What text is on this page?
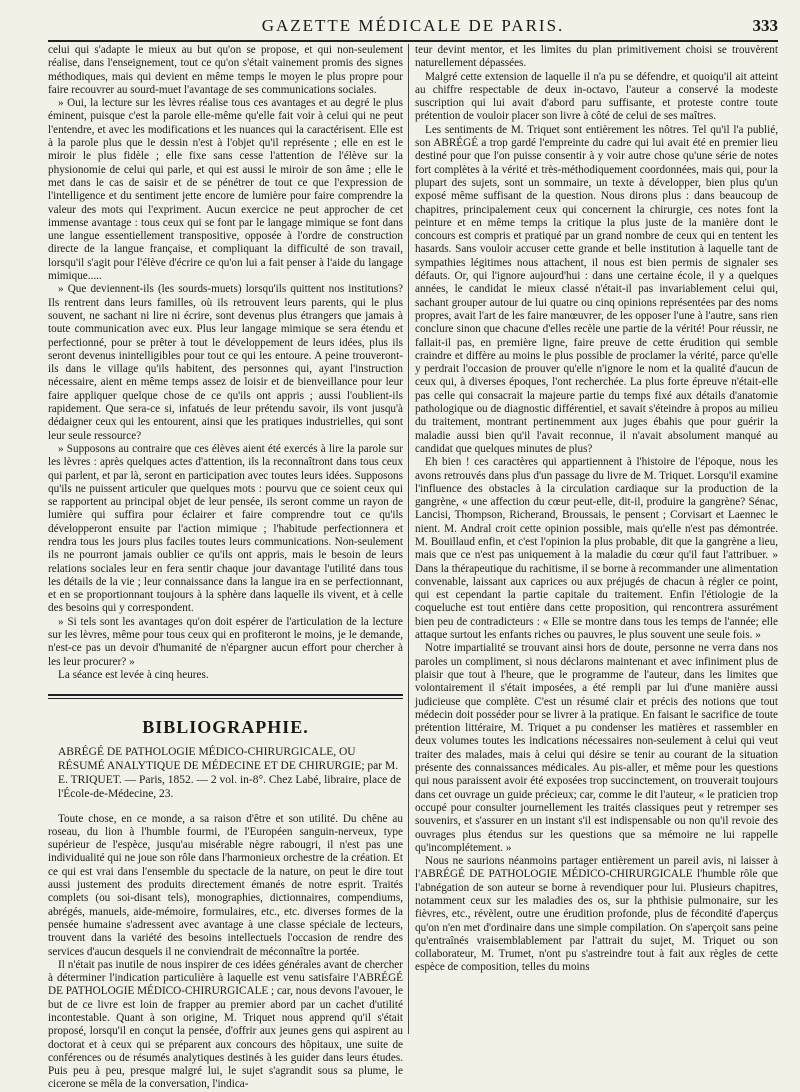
GAZETTE MÉDICALE DE PARIS.	333

celui qui s'adapte le mieux au but qu'on se propose, et qui non-seulement réalise, dans l'enseignement, tout ce qu'on s'était vainement promis des signes méthodiques, mais qui devient en même temps le moyen le plus propre pour faire recouvrer au sourd-muet l'avantage de ses communications sociales.

» Oui, la lecture sur les lèvres réalise tous ces avantages et au degré le plus éminent, puisque c'est la parole elle-même qu'elle fait voir à celui qui ne peut l'entendre, et avec les modifications et les nuances qui la caractérisent. Elle est à la parole plus que le dessin n'est à l'objet qu'il représente ; elle en est le miroir le plus fidèle ; elle fixe sans cesse l'attention de l'élève sur la physionomie de celui qui parle, et qui est aussi le miroir de son âme ; elle le met dans le cas de saisir et de se pénétrer de tout ce que l'expression de l'intelligence et du sentiment jette encore de lumière pour faire comprendre la valeur des mots qui l'expriment. Aucun exercice ne peut approcher de cet immense avantage : tous ceux qui se font par le langage mimique se font dans une langue essentiellement transpositive, opposée à l'ordre de construction directe de la langue française, et compliquant la difficulté de son travail, lorsqu'il s'agit pour l'élève d'écrire ce qu'on lui a fait penser à l'aide du langage mimique.....

» Que deviennent-ils (les sourds-muets) lorsqu'ils quittent nos institutions? Ils rentrent dans leurs familles, où ils retrouvent leurs parents, qui le plus souvent, ne sachant ni lire ni écrire, sont devenus plus étrangers que jamais à toute communication avec eux. Plus leur langage mimique se sera étendu et perfectionné, pour se prêter à tout le développement de leurs idées, plus ils seront devenus inintelligibles pour tout ce qui les entoure. A peine trouveront-ils dans le village qu'ils habitent, des personnes qui, ayant l'instruction nécessaire, aient en même temps assez de loisir et de bienveillance pour leur faire appliquer quelque chose de ce qu'ils ont appris ; aussi l'oublient-ils rapidement. Que sera-ce si, infatués de leur prétendu savoir, ils vont jusqu'à dédaigner ceux qui les entourent, ainsi que les pratiques industrielles, qui sont leur seule ressource?

» Supposons au contraire que ces élèves aient été exercés à lire la parole sur les lèvres : après quelques actes d'attention, ils la reconnaîtront dans tous ceux qui parlent, et par là, seront en participation avec toutes leurs idées. Supposons qu'ils ne puissent articuler que quelques mots : pourvu que ce soient ceux qui se rapportent au principal objet de leur pensée, ils seront comme un rayon de lumière qui suffira pour éclairer et faire comprendre tout ce qu'ils développeront ensuite par l'action mimique ; l'habitude perfectionnera et rendra tous les jours plus faciles toutes leurs communications. Non-seulement ils ne pourront jamais oublier ce qu'ils ont appris, mais le besoin de leurs relations sociales leur en fera sentir chaque jour davantage l'utilité dans tous les détails de la vie ; leur connaissance dans la langue ira en se perfectionnant, et en se proportionnant toujours à la sphère dans laquelle ils vivent, et à celle des besoins qui y correspondent.

» Si tels sont les avantages qu'on doit espérer de l'articulation de la lecture sur les lèvres, même pour tous ceux qui en profiteront le moins, je le demande, n'est-ce pas un devoir d'humanité de n'épargner aucun effort pour chercher à les leur procurer? »

La séance est levée à cinq heures.

BIBLIOGRAPHIE.
ABRÉGÉ DE PATHOLOGIE MÉDICO-CHIRURGICALE, OU RÉSUMÉ ANALYTIQUE DE MÉDECINE ET DE CHIRURGIE; par M. E. TRIQUET. — Paris, 1852. — 2 vol. in-8°. Chez Labé, libraire, place de l'École-de-Médecine, 23.

Toute chose, en ce monde, a sa raison d'être et son utilité. Du chêne au roseau, du lion à l'humble fourmi, de l'Européen sanguin-nerveux, type supérieur de l'espèce, jusqu'au misérable nègre rabougri, il n'est pas une individualité qui ne joue son rôle dans l'harmonieux orchestre de la création. Et ce qui est vrai dans l'ensemble du spectacle de la nature, on peut le dire tout aussi justement des produits directement émanés de notre esprit. Traités complets (ou soi-disant tels), monographies, dictionnaires, compendiums, abrégés, manuels, aide-mémoire, formulaires, etc., etc. diverses formes de la pensée humaine s'adressent avec avantage à une classe spéciale de lecteurs, trouvent dans la variété des besoins intellectuels l'occasion de rendre des services d'aucun desquels il ne conviendrait de méconnaître la portée.

Il n'était pas inutile de nous inspirer de ces idées générales avant de chercher à déterminer l'indication particulière à laquelle est venu satisfaire l'ABRÉGÉ DE PATHOLOGIE MÉDICO-CHIRURGICALE ; car, nous devons l'avouer, le but de ce livre est loin de frapper au premier abord par un cachet d'utilité incontestable. Quant à son origine, M. Triquet nous apprend qu'il s'était proposé, lorsqu'il en conçut la pensée, d'offrir aux jeunes gens qui aspirent au doctorat et à ceux qui se préparent aux concours des hôpitaux, une suite de conférences ou de résumés analytiques destinés à les guider dans leurs études. Puis peu à peu, presque malgré lui, le sujet s'agrandit sous sa plume, le cicerone se mêla de la conversation, l'indica-

teur devint mentor, et les limites du plan primitivement choisi se trouvèrent naturellement dépassées.

Malgré cette extension de laquelle il n'a pu se défendre, et quoiqu'il ait atteint au chiffre respectable de deux in-octavo, l'auteur a conservé la modeste suscription qui lui avait d'abord paru suffisante, et proteste contre toute prétention de vouloir placer son livre à côté de celui de ses maîtres.

Les sentiments de M. Triquet sont entièrement les nôtres. Tel qu'il l'a publié, son ABRÉGÉ a trop gardé l'empreinte du cadre qui lui avait été en premier lieu destiné pour que l'on puisse consentir à y voir autre chose qu'une série de notes fort complètes à la vérité et très-méthodiquement coordonnées, mais qui, pour la plupart des sujets, sont un sommaire, un texte à développer, bien plus qu'un exposé même suffisant de la question. Nous dirons plus : dans beaucoup de chapitres, principalement ceux qui concernent la chirurgie, ces notes font la peinture et en même temps la critique la plus juste de la manière dont le concours est compris et pratiqué par un grand nombre de ceux qui en tentent les hasards. Sans vouloir accuser cette grande et belle institution à laquelle tant de sympathies légitimes nous attachent, il nous est bien permis de signaler ses défauts. Or, qui l'ignore aujourd'hui : dans une certaine école, il y a quelques années, le candidat le mieux classé n'était-il pas invariablement celui qui, sachant grouper autour de lui quatre ou cinq opinions représentées par des noms propres, avait l'art de les faire manœuvrer, de les opposer l'une à l'autre, sans rien conclure sinon que chacune d'elles recèle une partie de la vérité! Pour réussir, ne fallait-il pas, en première ligne, faire preuve de cette érudition qui semble craindre et diffère au moins le plus possible de proclamer la vérité, parce qu'elle y perdrait l'occasion de prouver qu'elle n'ignore le nom et la qualité d'aucun de ceux qui, à diverses époques, l'ont recherchée. La plus forte épreuve n'était-elle pas celle qui consacrait la majeure partie du temps fixé aux détails d'anatomie pathologique ou de diagnostic différentiel, et savait s'éteindre à propos au milieu du traitement, montrant pertinemment aux juges ébahis que pour guérir la maladie aussi bien qu'il l'avait reconnue, il n'avait absolument manqué au candidat que quelques minutes de plus?

Eh bien ! ces caractères qui appartiennent à l'histoire de l'époque, nous les avons retrouvés dans plus d'un passage du livre de M. Triquet. Lorsqu'il examine l'influence des obstacles à la circulation cardiaque sur la production de la gangrène, « une affection du cœur peut-elle, dit-il, produire la gangrène? Sénac, Lancisi, Thompson, Richerand, Broussais, le pensent ; Corvisart et Laennec le nient. M. Andral croit cette opinion possible, mais qu'elle n'est pas démontrée. M. Bouillaud enfin, et c'est l'opinion la plus probable, dit que la gangrène a lieu, mais que ce n'est pas uniquement à la maladie du cœur qu'il faut l'attribuer. » Dans la thérapeutique du rachitisme, il se borne à recommander une alimentation convenable, laissant aux caprices ou aux préjugés de chacun à régler ce point, qui est cependant la partie capitale du traitement. Enfin l'étiologie de la coqueluche est tout entière dans cette proposition, qui rencontrera assurément bien peu de contradicteurs : « Elle se montre dans tous les temps de l'année; elle attaque surtout les enfants riches ou pauvres, le plus souvent une seule fois. »

Notre impartialité se trouvant ainsi hors de doute, personne ne verra dans nos paroles un compliment, si nous déclarons maintenant et avec infiniment plus de plaisir que tout à l'heure, que le programme de l'auteur, dans les limites que volontairement il s'était imposées, a été rempli par lui d'une manière aussi judicieuse que complète. C'est un résumé clair et précis des notions que tout médecin doit posséder pour se livrer à la pratique. En faisant le sacrifice de toute prétention littéraire, M. Triquet a pu condenser les matières et rassembler en deux volumes toutes les indications nécessaires non-seulement à celui qui veut traiter des malades, mais à celui qui désire se tenir au courant de la situation présente des connaissances médicales. Au pis-aller, et même pour les questions qui nous paraissent avoir été exposées trop succinctement, on trouverait toujours dans cet ouvrage un guide précieux; car, comme le dit l'auteur, « le praticien trop occupé pour consulter journellement les traités classiques peut y retremper ses souvenirs, et s'assurer en un instant s'il est indispensable ou non qu'il revoie des ouvrages plus étendus sur les questions que sa mémoire ne lui rappelle qu'incomplétement. »

Nous ne saurions néanmoins partager entièrement un pareil avis, ni laisser à l'ABRÉGÉ DE PATHOLOGIE MÉDICO-CHIRURGICALE l'humble rôle que l'abnégation de son auteur se borne à revendiquer pour lui. Plusieurs chapitres, notamment ceux sur les maladies des os, sur la phthisie pulmonaire, sur les fièvres, etc., révèlent, outre une érudition profonde, plus de fécondité d'aperçus qu'on n'en met d'ordinaire dans une simple compilation. On s'aperçoit sans peine qu'entraînés vraisemblablement par l'attrait du sujet, M. Triquet ou son collaborateur, M. Trumet, n'ont pu s'astreindre tout à fait aux règles de cette espèce de composition, telles du moins
